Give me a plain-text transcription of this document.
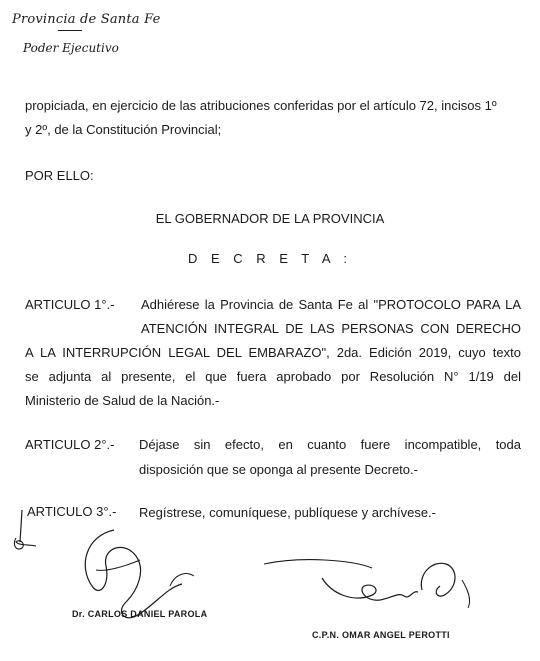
Provincia de Santa Fe
Poder Ejecutivo
propiciada, en ejercicio de las atribuciones conferidas por el artículo 72, incisos 1º
y 2º, de la Constitución Provincial;
POR ELLO:
EL GOBERNADOR DE LA PROVINCIA
D E C R E T A :
ARTICULO 1°.- Adhiérese la Provincia de Santa Fe al "PROTOCOLO PARA LA
ATENCIÓN INTEGRAL DE LAS PERSONAS CON DERECHO
A LA INTERRUPCIÓN LEGAL DEL EMBARAZO", 2da. Edición 2019, cuyo texto
se adjunta al presente, el que fuera aprobado por Resolución N° 1/19 del
Ministerio de Salud de la Nación.-
ARTICULO 2°.- Déjase sin efecto, en cuanto fuere incompatible, toda
disposición que se oponga al presente Decreto.-
ARTICULO 3°.- Regístrese, comuníquese, publíquese y archívese.-
Dr. CARLOS DANIEL PAROLA
C.P.N. OMAR ANGEL PEROTTI
